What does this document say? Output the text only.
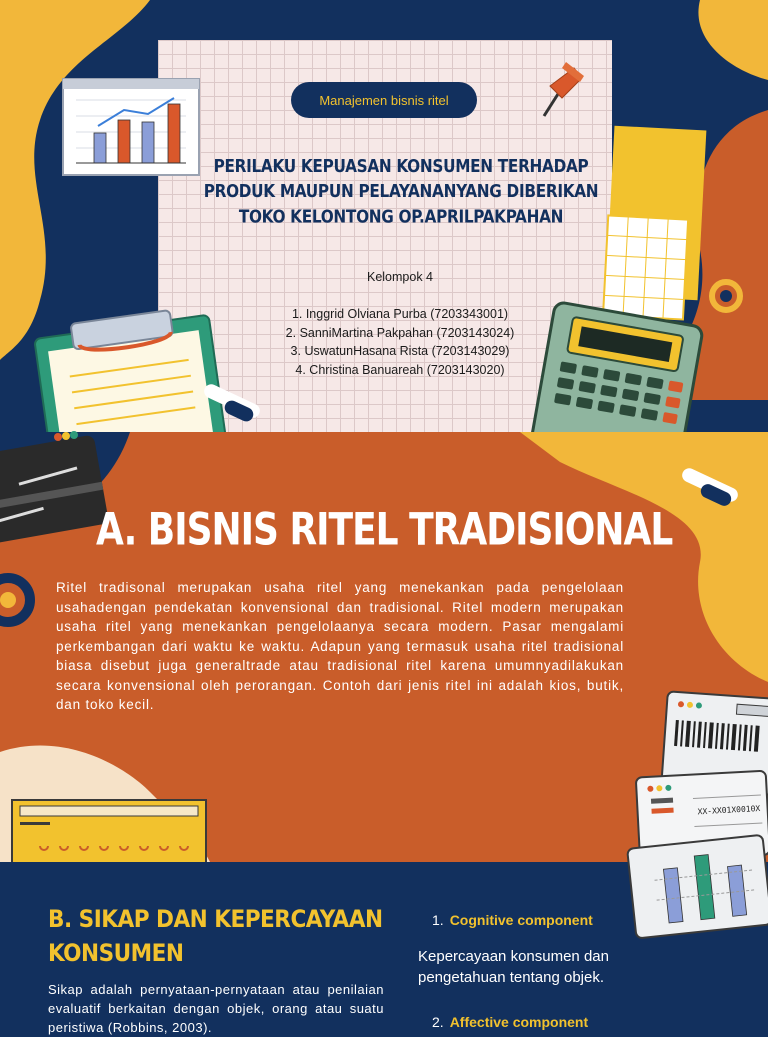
Manajemen bisnis ritel
PERILAKU KEPUASAN KONSUMEN TERHADAP PRODUK MAUPUN PELAYANANYANG DIBERIKAN TOKO KELONTONG OP.APRILPAKPAHAN
Kelompok 4
1. Inggrid Olviana Purba (7203343001)
2. SanniMartina Pakpahan (7203143024)
3. UswatunHasana Rista (7203143029)
4. Christina Banuareah (7203143020)
A. BISNIS RITEL TRADISIONAL

Ritel tradisonal merupakan usaha ritel yang menekankan pada pengelolaan usahadengan pendekatan konvensional dan tradisional. Ritel modern merupakan usaha ritel yang menekankan pengelolaanya secara modern. Pasar mengalami perkembangan dari waktu ke waktu. Adapun yang termasuk usaha ritel tradisional biasa disebut juga generaltrade atau tradisional ritel karena umumnyadilakukan secara konvensional oleh perorangan. Contoh dari jenis ritel ini adalah kios, butik, dan toko kecil.

XX-XX01X0010X
B. SIKAP DAN KEPERCAYAAN KONSUMEN

Sikap adalah pernyataan-pernyataan atau penilaian evaluatif berkaitan dengan objek, orang atau suatu peristiwa (Robbins, 2003).

1. Cognitive component
Kepercayaan konsumen dan pengetahuan tentang objek.
2. Affective component
